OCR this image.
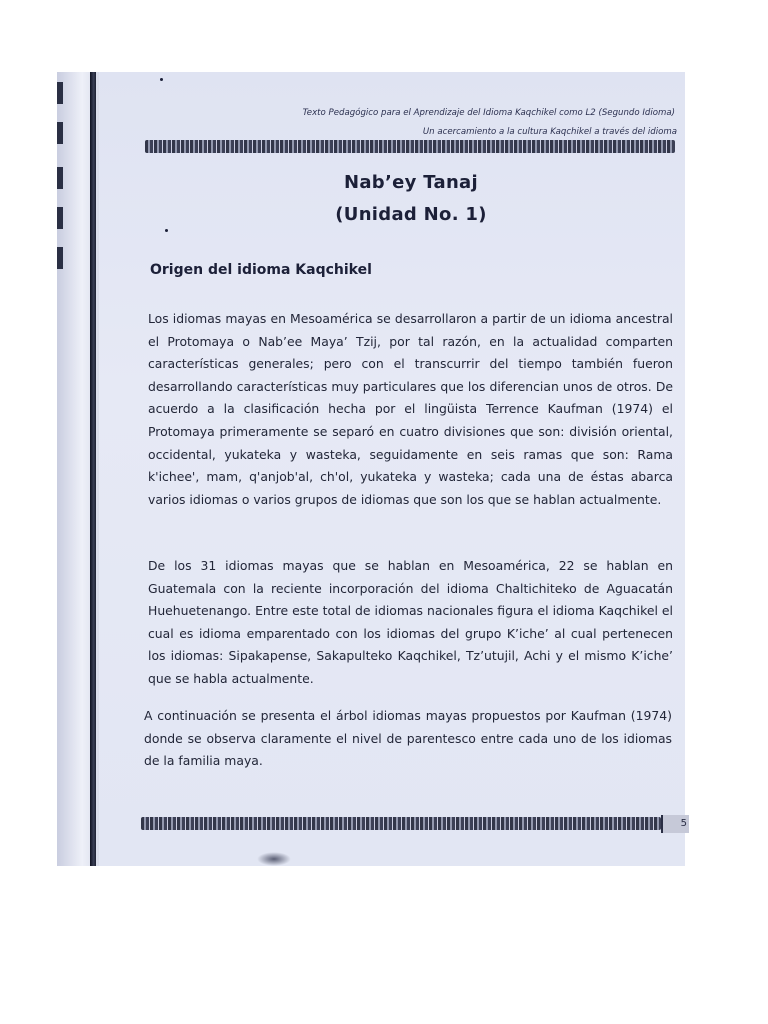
Texto Pedagógico para el Aprendizaje del Idioma Kaqchikel como L2 (Segundo Idioma)
Un acercamiento a la cultura Kaqchikel a través del idioma
Nab’ey Tanaj
(Unidad No. 1)
Origen del idioma Kaqchikel

Los idiomas mayas en Mesoamérica se desarrollaron a partir de un idioma ancestral el Protomaya o Nab’ee Maya’ Tzij, por tal razón, en la actualidad comparten características generales; pero con el transcurrir del tiempo también fueron desarrollando características muy particulares que los diferencian unos de otros. De acuerdo a la clasificación hecha por el lingüista Terrence Kaufman (1974) el Protomaya primeramente se separó en cuatro divisiones que son: división oriental, occidental, yukateka y wasteka, seguidamente en seis ramas que son: Rama k'ichee', mam, q'anjob'al, ch'ol, yukateka y wasteka; cada una de éstas abarca varios idiomas o varios grupos de idiomas que son los que se hablan actualmente.

De los 31 idiomas mayas que se hablan en Mesoamérica, 22 se hablan en Guatemala con la reciente incorporación del idioma Chaltichiteko de Aguacatán Huehuetenango. Entre este total de idiomas nacionales figura el idioma Kaqchikel el cual es idioma emparentado con los idiomas del grupo K’iche’ al cual pertenecen los idiomas: Sipakapense, Sakapulteko Kaqchikel, Tz’utujil, Achi y el mismo K’iche’ que se habla actualmente.

A continuación se presenta el árbol idiomas mayas propuestos por Kaufman (1974) donde se observa claramente el nivel de parentesco entre cada uno de los idiomas de la familia maya.

5
